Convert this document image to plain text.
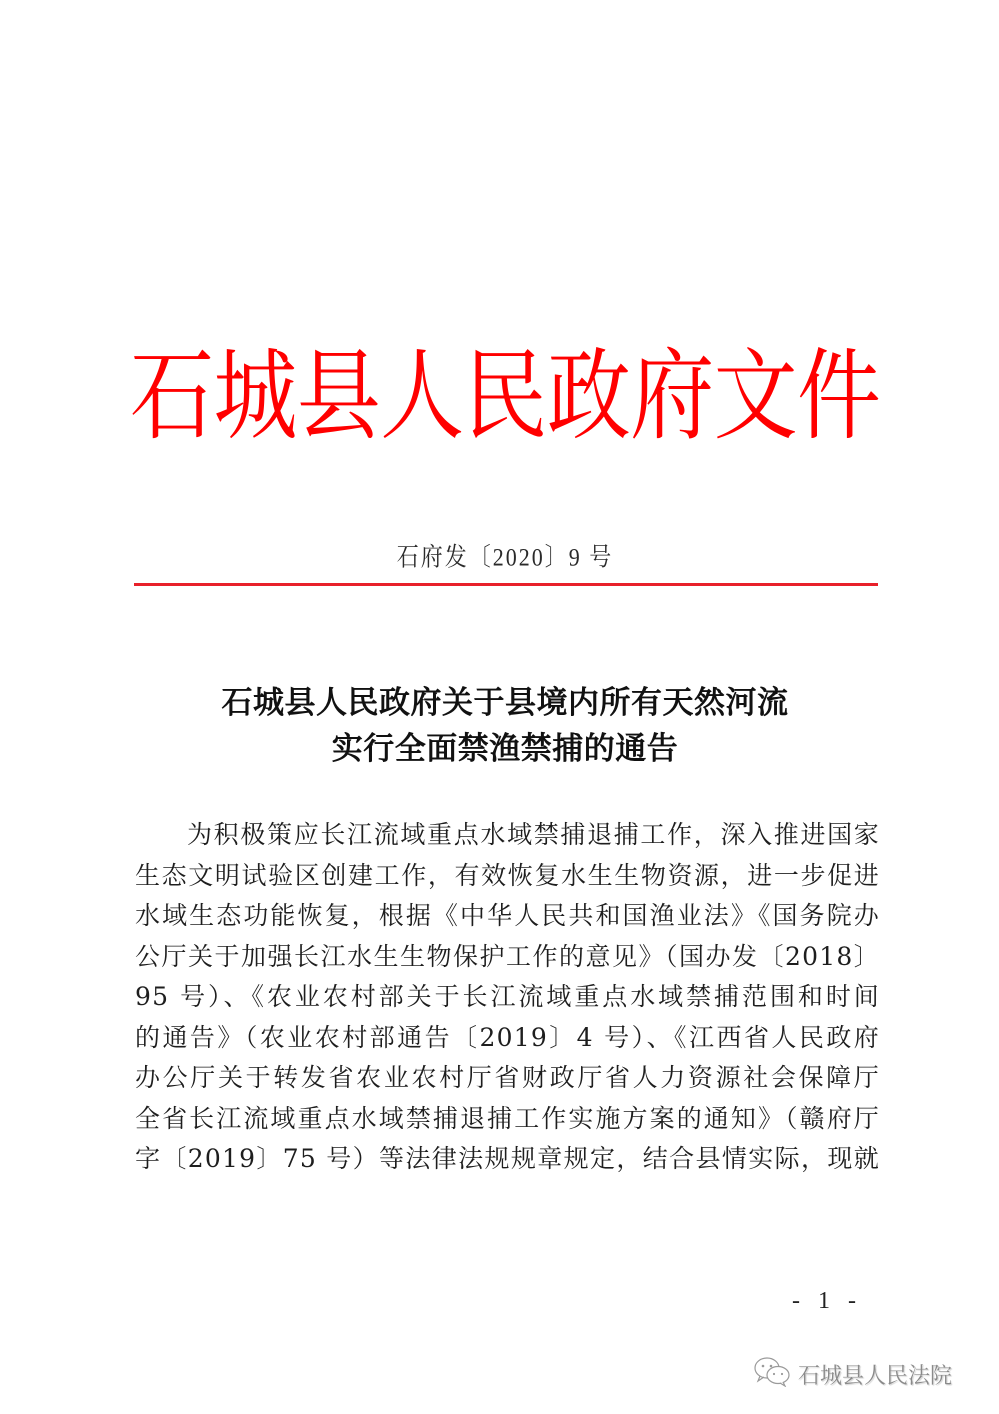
石 城 县 人 民 政 府 文 件
石府发〔2020〕9 号
石城县人民政府关于县境内所有天然河流
实行全面禁渔禁捕的通告
为积极策应长江流域重点水域禁捕退捕工作，深入推进国家
生态文明试验区创建工作，有效恢复水生生物资源，进一步促进
水域生态功能恢复，根据《中华人民共和国渔业法》《国务院办
公厅关于加强长江水生生物保护工作的意见》（国办发〔2018〕
95 号）、《农业农村部关于长江流域重点水域禁捕范围和时间
的通告》（农业农村部通告〔2019〕4 号）、《江西省人民政府
办公厅关于转发省农业农村厅省财政厅省人力资源社会保障厅
全省长江流域重点水域禁捕退捕工作实施方案的通知》（赣府厅
字〔2019〕75 号）等法律法规规章规定，结合县情实际，现就
- 1 -
石城县人民法院
